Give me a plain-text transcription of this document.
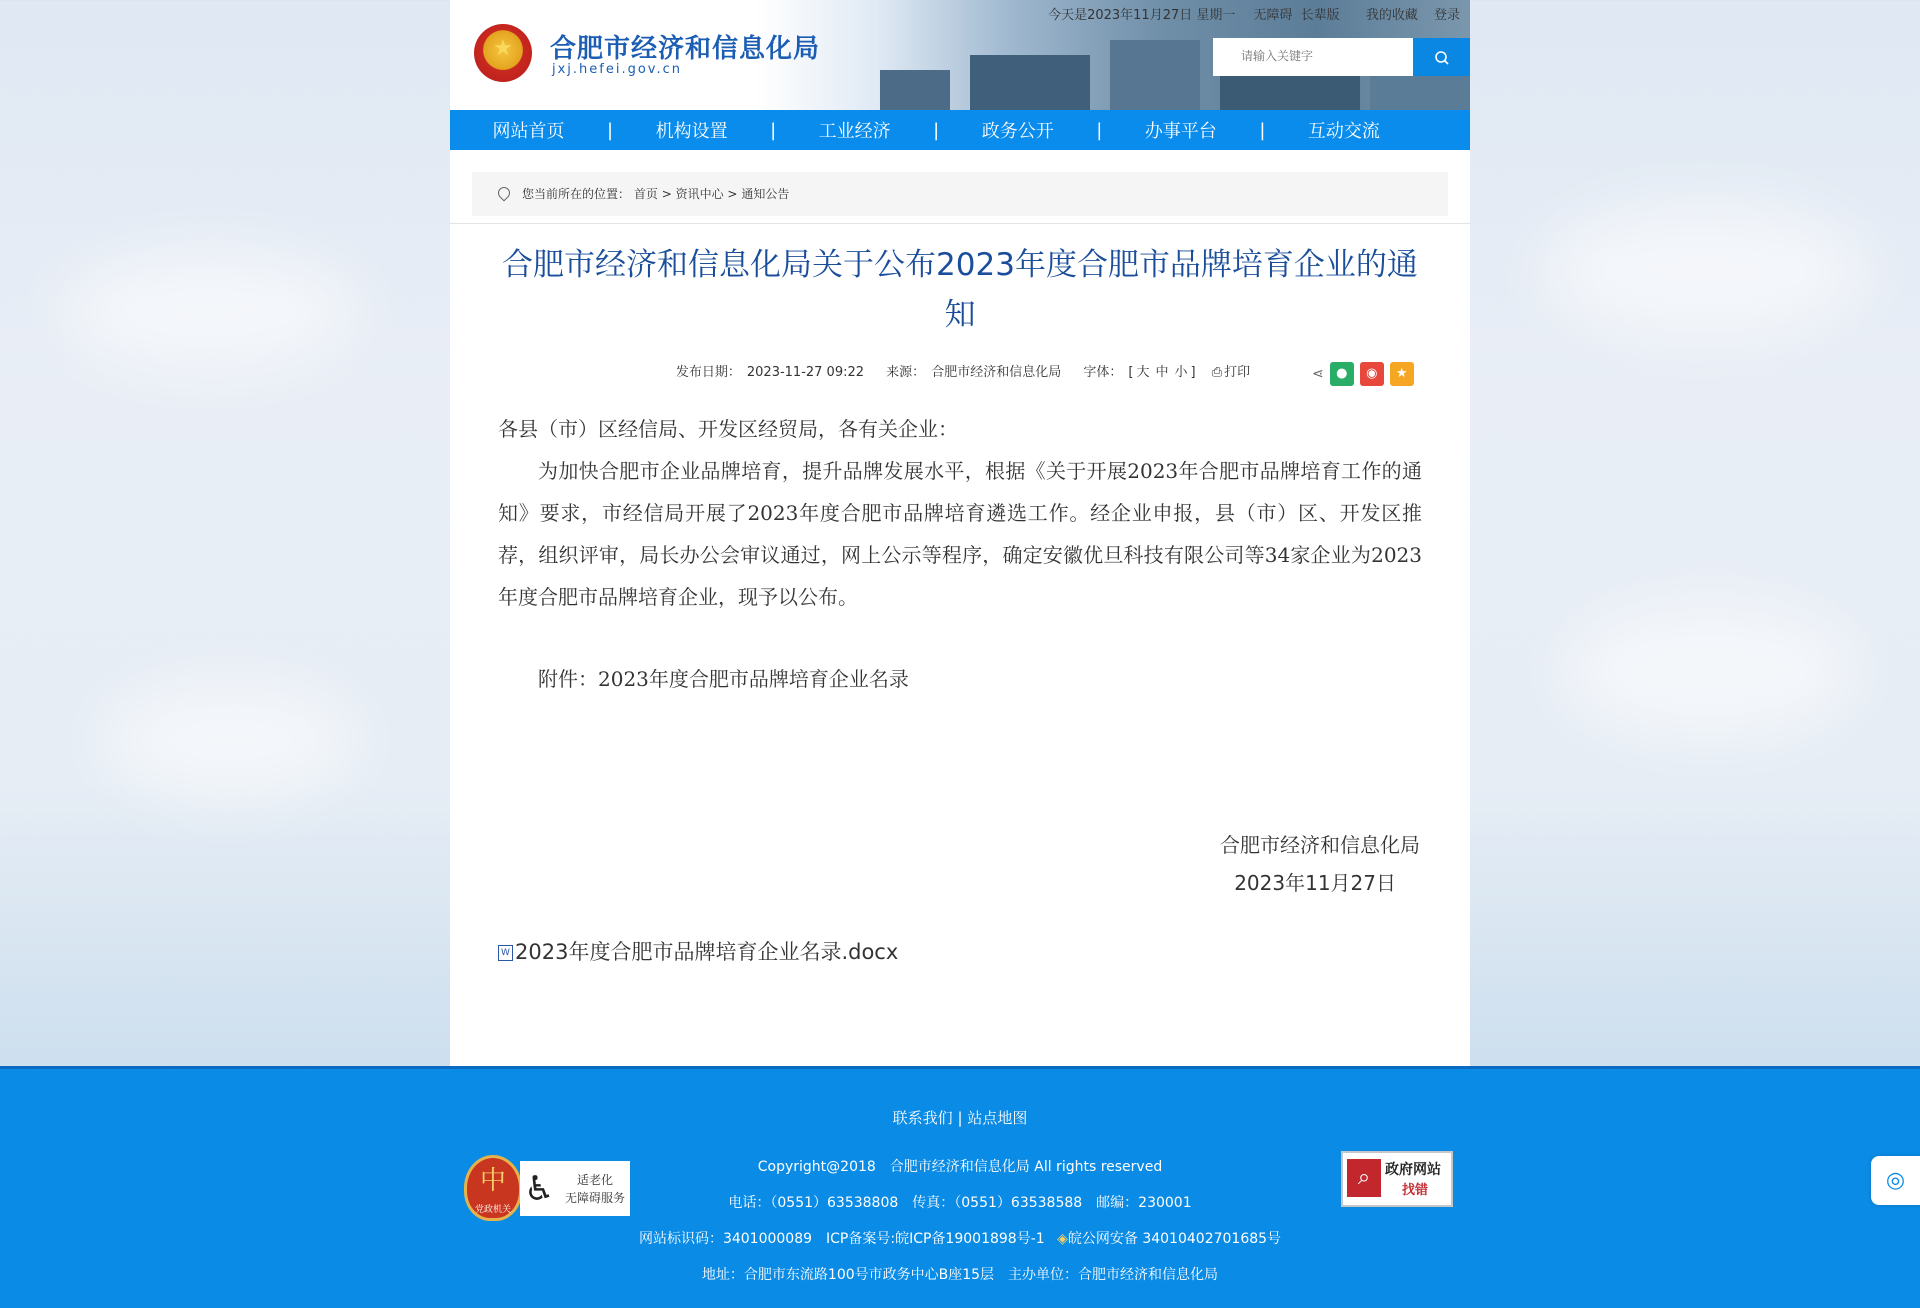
★	合肥市经济和信息化局
jxj.hefei.gov.cn
今天是2023年11月27日 星期一 无障碍 长辈版 我的收藏 登录
请输入关键字
网站首页	|	机构设置	|	工业经济	|	政务公开	|	办事平台	|	互动交流
您当前所在的位置： 首页 > 资讯中心 > 通知公告
合肥市经济和信息化局关于公布2023年度合肥市品牌培育企业的通知
发布日期： 2023-11-27 09:22 来源： 合肥市经济和信息化局 字体： [ 大 中 小 ] ⎙ 打印	⋖ ●	◉	★

各县（市）区经信局、开发区经贸局，各有关企业：

为加快合肥市企业品牌培育，提升品牌发展水平，根据《关于开展2023年合肥市品牌培育工作的通知》要求，市经信局开展了2023年度合肥市品牌培育遴选工作。经企业申报，县（市）区、开发区推荐，组织评审，局长办公会审议通过，网上公示等程序，确定安徽优旦科技有限公司等34家企业为2023年度合肥市品牌培育企业，现予以公布。

附件：2023年度合肥市品牌培育企业名录

合肥市经济和信息化局
2023年11月27日
W 2023年度合肥市品牌培育企业名录.docx
联系我们 | 站点地图
Copyright@2018　合肥市经济和信息化局 All rights reserved
电话：（0551）63538808　传真：（0551）63538588　邮编：230001
网站标识码：3401000089　ICP备案号:皖ICP备19001898号-1 ◈皖公网安备 34010402701685号
地址：合肥市东流路100号市政务中心B座15层　主办单位：合肥市经济和信息化局
中
党政机关
♿	适老化
无障碍服务
⌕	政府网站
找错	◎
